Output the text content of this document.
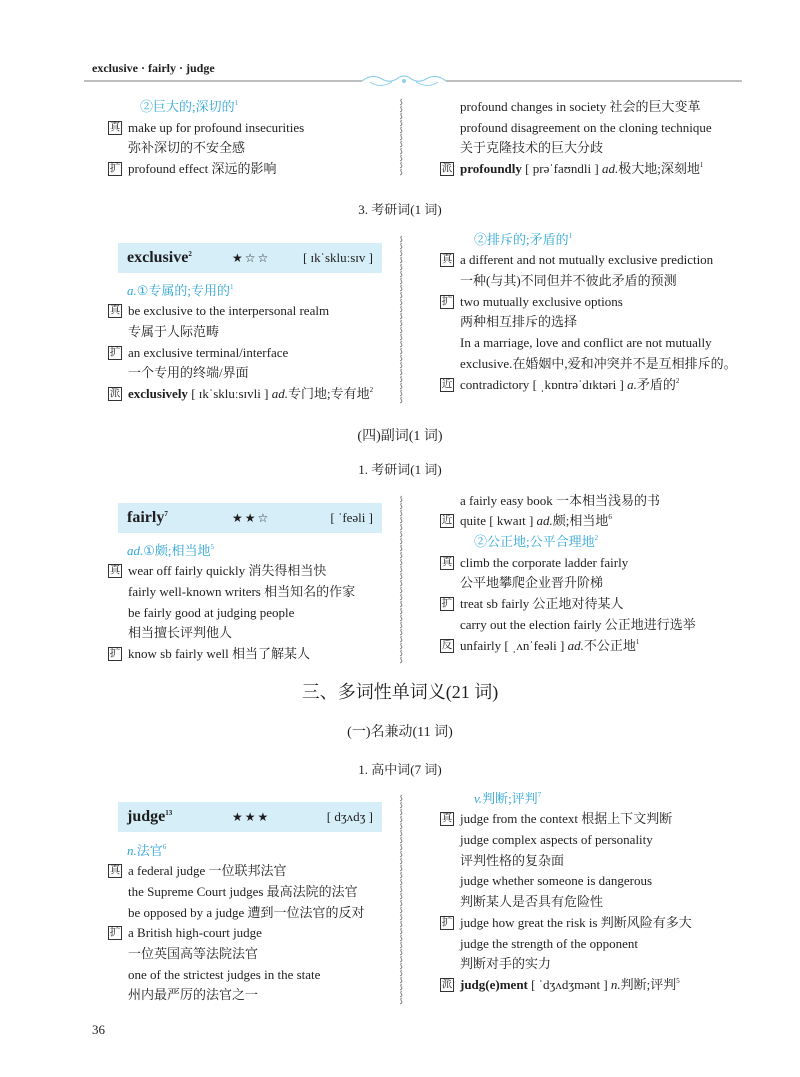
exclusive · fairly · judge
②巨大的;深切的$^1$
真 make up for profound insecurities
弥补深切的不安全感
扩 profound effect 深远的影响
profound changes in society 社会的巨大变革
profound disagreement on the cloning technique
关于克隆技术的巨大分歧
派 profoundly [ prəˈfaʊndli ] ad.极大地;深刻地$^1$
3. 考研词(1 词)
exclusive$^2$	★☆☆	[ ɪkˈskluːsɪv ]
a.①专属的;专用的$^1$
真 be exclusive to the interpersonal realm
专属于人际范畴
扩 an exclusive terminal/interface
一个专用的终端/界面
派 exclusively [ ɪkˈskluːsɪvli ] ad.专门地;专有地$^2$
②排斥的;矛盾的$^1$
真 a different and not mutually exclusive prediction
一种(与其)不同但并不彼此矛盾的预测
扩 two mutually exclusive options
两种相互排斥的选择
In a marriage, love and conflict are not mutually
exclusive.在婚姻中,爱和冲突并不是互相排斥的。
近 contradictory [ ˌkɒntrəˈdɪktəri ] a.矛盾的$^2$
(四)副词(1 词)
1. 考研词(1 词)
fairly$^7$	★★☆	[ ˈfeəli ]
ad.①颇;相当地$^5$
真 wear off fairly quickly 消失得相当快
fairly well-known writers 相当知名的作家
be fairly good at judging people
相当擅长评判他人
扩 know sb fairly well 相当了解某人
a fairly easy book 一本相当浅易的书
近 quite [ kwaɪt ] ad.颇;相当地$^6$
②公正地;公平合理地$^2$
真 climb the corporate ladder fairly
公平地攀爬企业晋升阶梯
扩 treat sb fairly 公正地对待某人
carry out the election fairly 公正地进行选举
反 unfairly [ ˌʌnˈfeəli ] ad.不公正地$^1$
三、多词性单词义(21 词)
(一)名兼动(11 词)
1. 高中词(7 词)
judge$^{13}$	★★★	[ dʒʌdʒ ]
n.法官$^6$
真 a federal judge 一位联邦法官
the Supreme Court judges 最高法院的法官
be opposed by a judge 遭到一位法官的反对
扩 a British high-court judge
一位英国高等法院法官
one of the strictest judges in the state
州内最严厉的法官之一
v.判断;评判$^7$
真 judge from the context 根据上下文判断
judge complex aspects of personality
评判性格的复杂面
judge whether someone is dangerous
判断某人是否具有危险性
扩 judge how great the risk is 判断风险有多大
judge the strength of the opponent
判断对手的实力
派 judg(e)ment [ ˈdʒʌdʒmənt ] n.判断;评判$^5$
36
